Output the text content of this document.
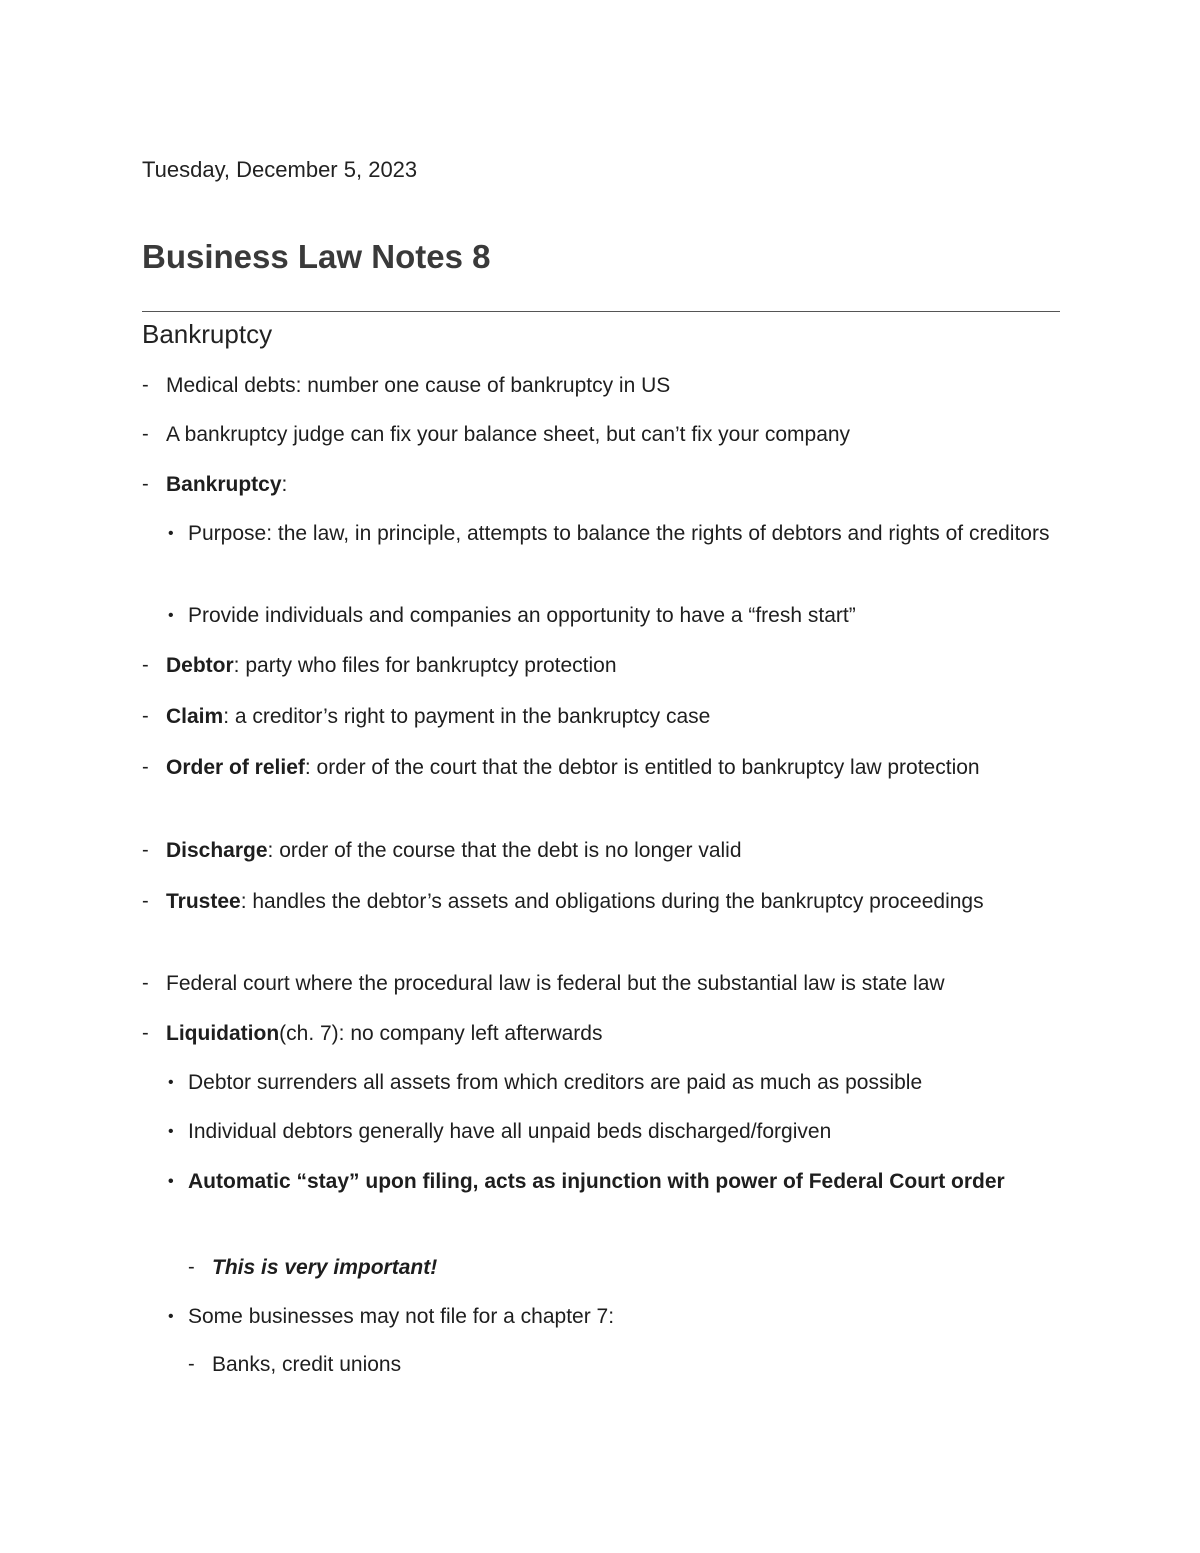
Tuesday, December 5, 2023
Business Law Notes 8
Bankruptcy
- Medical debts: number one cause of bankruptcy in US
- A bankruptcy judge can fix your balance sheet, but can’t fix your company
- Bankruptcy:
• Purpose: the law, in principle, attempts to balance the rights of debtors and rights of creditors
• Provide individuals and companies an opportunity to have a “fresh start”
- Debtor: party who files for bankruptcy protection
- Claim: a creditor’s right to payment in the bankruptcy case
- Order of relief: order of the court that the debtor is entitled to bankruptcy law protection
- Discharge: order of the course that the debt is no longer valid
- Trustee: handles the debtor’s assets and obligations during the bankruptcy proceedings
- Federal court where the procedural law is federal but the substantial law is state law
- Liquidation(ch. 7): no company left afterwards
• Debtor surrenders all assets from which creditors are paid as much as possible
• Individual debtors generally have all unpaid beds discharged/forgiven
• Automatic “stay” upon filing, acts as injunction with power of Federal Court order
- This is very important!
• Some businesses may not file for a chapter 7:
- Banks, credit unions
